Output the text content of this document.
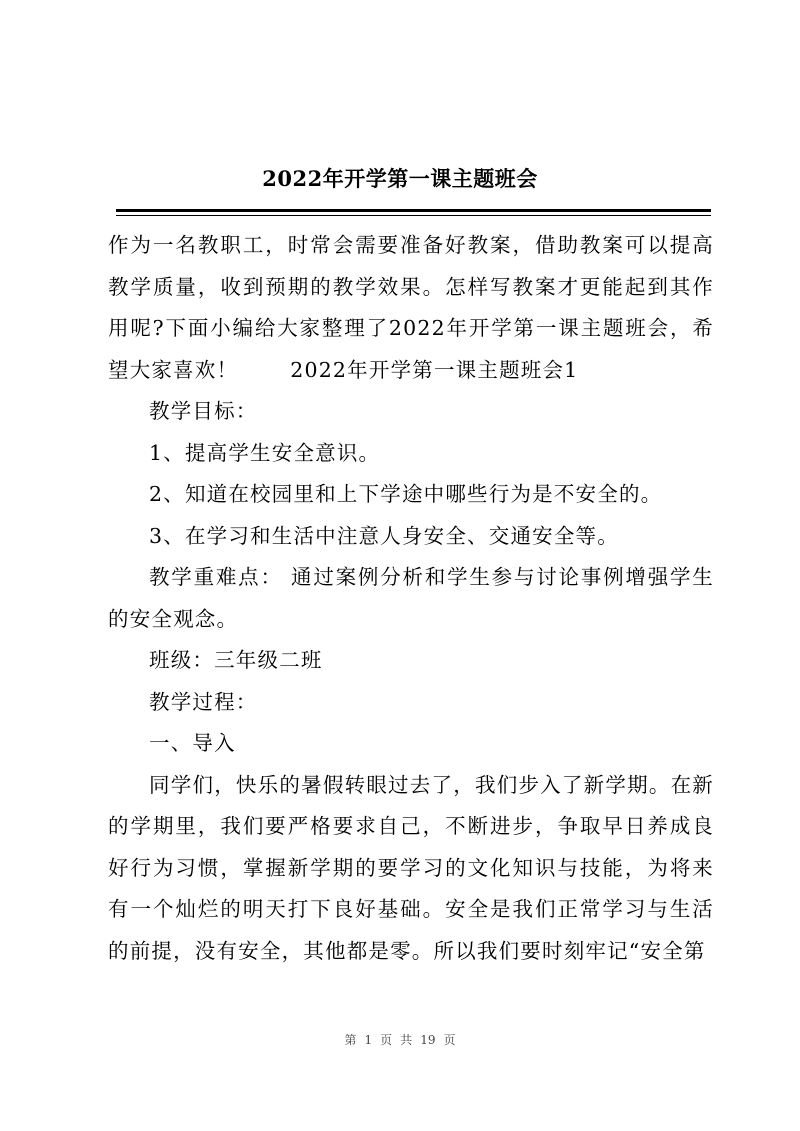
2022年开学第一课主题班会

作为一名教职工，时常会需要准备好教案，借助教案可以提高教学质量，收到预期的教学效果。怎样写教案才更能起到其作用呢?下面小编给大家整理了2022年开学第一课主题班会，希望大家喜欢！	2022年开学第一课主题班会1

教学目标：

1、提高学生安全意识。

2、知道在校园里和上下学途中哪些行为是不安全的。

3、在学习和生活中注意人身安全、交通安全等。

教学重难点： 通过案例分析和学生参与讨论事例增强学生的安全观念。

班级：三年级二班

教学过程：

一、导入

同学们，快乐的暑假转眼过去了，我们步入了新学期。在新的学期里，我们要严格要求自己，不断进步，争取早日养成良好行为习惯，掌握新学期的要学习的文化知识与技能，为将来有一个灿烂的明天打下良好基础。安全是我们正常学习与生活的前提，没有安全，其他都是零。所以我们要时刻牢记“安全第

第 1 页 共 19 页
